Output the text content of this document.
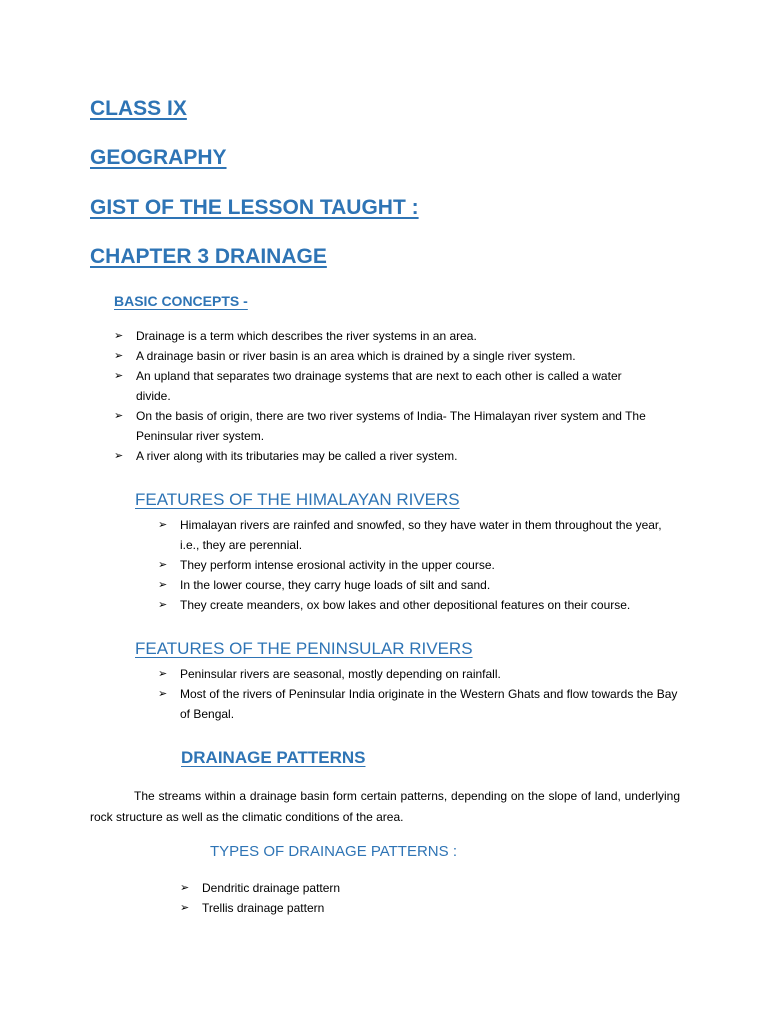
CLASS IX
GEOGRAPHY
GIST OF THE LESSON TAUGHT :
CHAPTER 3 DRAINAGE
BASIC CONCEPTS -
➢	Drainage is a term which describes the river systems in an area.
➢	A drainage basin or river basin is an area which is drained by a single river system.
➢	An upland that separates two drainage systems that are next to each other is called a water divide.
➢	On the basis of origin, there are two river systems of India- The Himalayan river system and The Peninsular river system.
➢	A river along with its tributaries may be called a river system.
FEATURES OF THE HIMALAYAN RIVERS
➢	Himalayan rivers are rainfed and snowfed, so they have water in them throughout the year, i.e., they are perennial.
➢	They perform intense erosional activity in the upper course.
➢	In the lower course, they carry huge loads of silt and sand.
➢	They create meanders, ox bow lakes and other depositional features on their course.
FEATURES OF THE PENINSULAR RIVERS
➢	Peninsular rivers are seasonal, mostly depending on rainfall.
➢	Most of the rivers of Peninsular India originate in the Western Ghats and flow towards the Bay of Bengal.
DRAINAGE PATTERNS
The streams within a drainage basin form certain patterns, depending on the slope of land, underlying rock structure as well as the climatic conditions of the area.
TYPES OF DRAINAGE PATTERNS :
➢	Dendritic drainage pattern
➢	Trellis drainage pattern
